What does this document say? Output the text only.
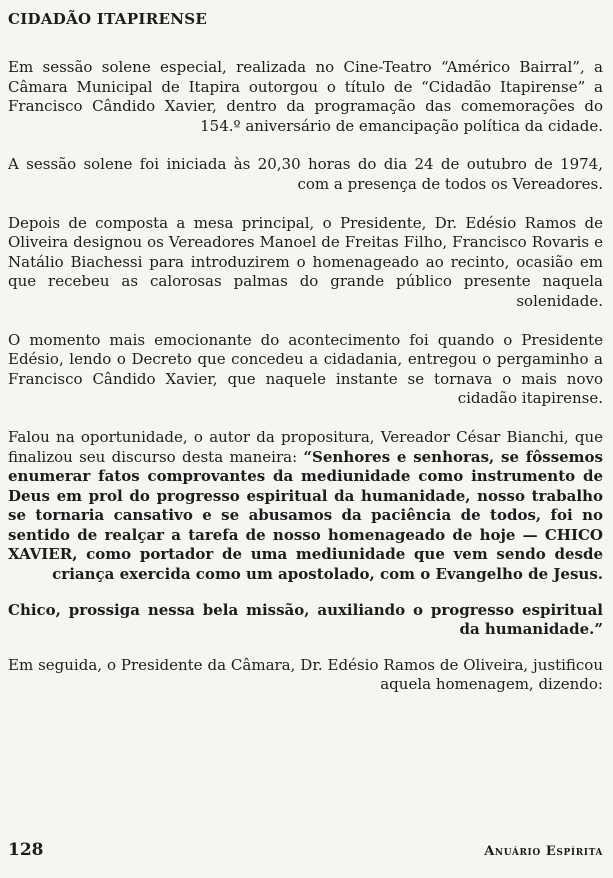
CIDADÃO ITAPIRENSE

Em sessão solene especial, realizada no Cine-Teatro “Américo Bairral”, a Câmara Municipal de Itapira outorgou o título de “Cidadão Itapirense” a Francisco Cândido Xavier, dentro da programação das comemorações do 154.º aniversário de emancipação política da cidade.

A sessão solene foi iniciada às 20,30 horas do dia 24 de outubro de 1974, com a presença de todos os Vereadores.

Depois de composta a mesa principal, o Presidente, Dr. Edésio Ramos de Oliveira designou os Vereadores Manoel de Freitas Filho, Francisco Rovaris e Natálio Biachessi para introduzirem o homenageado ao recinto, ocasião em que recebeu as calorosas palmas do grande público presente naquela solenidade.

O momento mais emocionante do acontecimento foi quando o Presidente Edésio, lendo o Decreto que concedeu a cidadania, entregou o pergaminho a Francisco Cândido Xavier, que naquele instante se tornava o mais novo cidadão itapirense.

Falou na oportunidade, o autor da propositura, Vereador César Bianchi, que finalizou seu discurso desta maneira: “Senhores e senhoras, se fôssemos enumerar fatos comprovantes da mediunidade como instrumento de Deus em prol do progresso espiritual da humanidade, nosso trabalho se tornaria cansativo e se abusamos da paciência de todos, foi no sentido de realçar a tarefa de nosso homenageado de hoje — CHICO XAVIER, como portador de uma mediunidade que vem sendo desde criança exercida como um apostolado, com o Evangelho de Jesus.

Chico, prossiga nessa bela missão, auxiliando o progresso espiritual da humanidade.”

Em seguida, o Presidente da Câmara, Dr. Edésio Ramos de Oliveira, justificou aquela homenagem, dizendo:

128	Anuário Espírita
